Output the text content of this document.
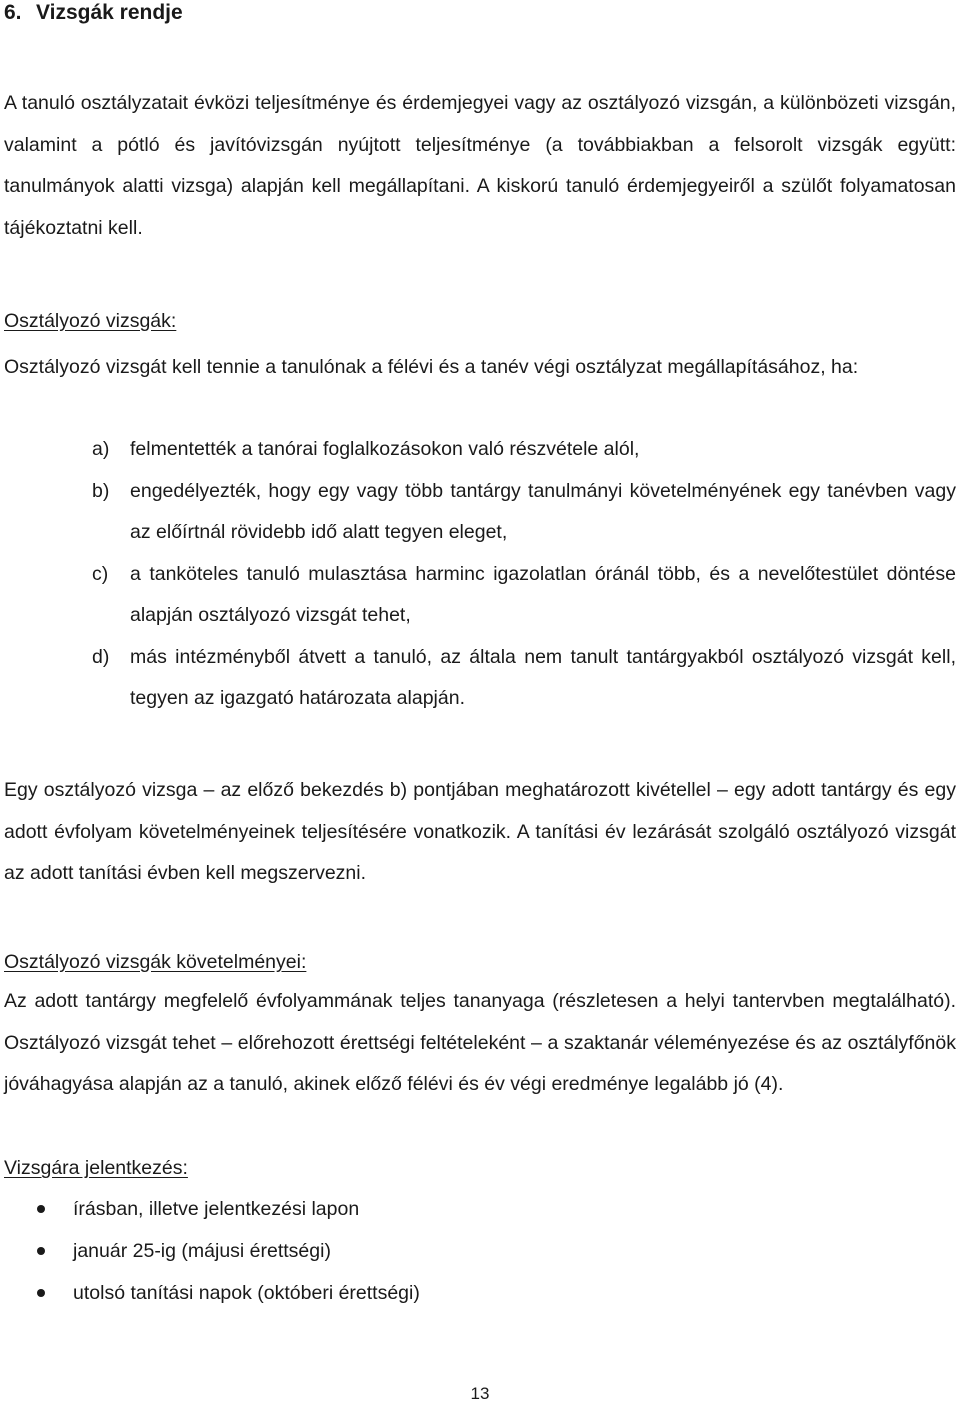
6. Vizsgák rendje
A tanuló osztályzatait évközi teljesítménye és érdemjegyei vagy az osztályozó vizsgán, a különbözeti vizsgán, valamint a pótló és javítóvizsgán nyújtott teljesítménye (a továbbiakban a felsorolt vizsgák együtt: tanulmányok alatti vizsga) alapján kell megállapítani. A kiskorú tanuló érdemjegyeiről a szülőt folyamatosan tájékoztatni kell.
Osztályozó vizsgák:
Osztályozó vizsgát kell tennie a tanulónak a félévi és a tanév végi osztályzat megállapításához, ha:
a) felmentették a tanórai foglalkozásokon való részvétele alól,
b) engedélyezték, hogy egy vagy több tantárgy tanulmányi követelményének egy tanévben vagy az előírtnál rövidebb idő alatt tegyen eleget,
c) a tanköteles tanuló mulasztása harminc igazolatlan óránál több, és a nevelőtestület döntése alapján osztályozó vizsgát tehet,
d) más intézményből átvett a tanuló, az általa nem tanult tantárgyakból osztályozó vizsgát kell, tegyen az igazgató határozata alapján.
Egy osztályozó vizsga – az előző bekezdés b) pontjában meghatározott kivétellel – egy adott tantárgy és egy adott évfolyam követelményeinek teljesítésére vonatkozik. A tanítási év lezárását szolgáló osztályozó vizsgát az adott tanítási évben kell megszervezni.
Osztályozó vizsgák követelményei:
Az adott tantárgy megfelelő évfolyammának teljes tananyaga (részletesen a helyi tantervben megtalálható). Osztályozó vizsgát tehet – előrehozott érettségi feltételeként – a szaktanár véleményezése és az osztályfőnök jóváhagyása alapján az a tanuló, akinek előző félévi és év végi eredménye legalább jó (4).
Vizsgára jelentkezés:
írásban, illetve jelentkezési lapon
január 25-ig (májusi érettségi)
utolsó tanítási napok (októberi érettségi)
13
